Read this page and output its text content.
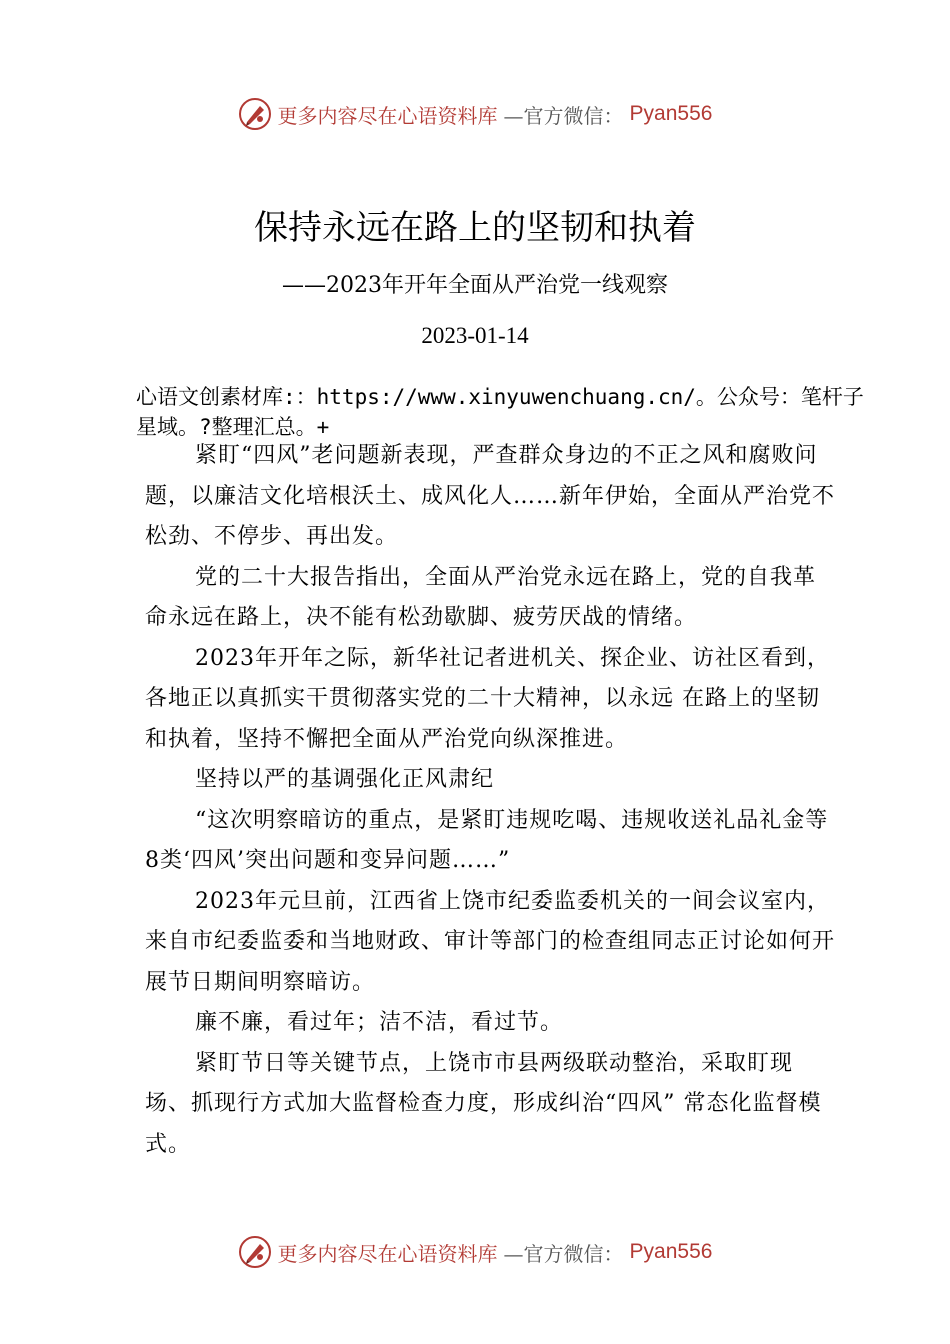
更多内容尽在心语资料库 —官方微信： Pyan556
保持永远在路上的坚韧和执着
——2023年开年全面从严治党一线观察
2023-01-14
心语文创素材库:：https://www.xinyuwenchuang.cn/。公众号：笔杆子星域。?整理汇总。+

紧盯“四风”老问题新表现，严查群众身边的不正之风和腐败问题，以廉洁文化培根沃土、成风化人……新年伊始，全面从严治党不松劲、不停步、再出发。

党的二十大报告指出，全面从严治党永远在路上，党的自我革命永远在路上，决不能有松劲歇脚、疲劳厌战的情绪。

2023年开年之际，新华社记者进机关、探企业、访社区看到，各地正以真抓实干贯彻落实党的二十大精神，以永远 在路上的坚韧和执着，坚持不懈把全面从严治党向纵深推进。

坚持以严的基调强化正风肃纪

“这次明察暗访的重点，是紧盯违规吃喝、违规收送礼品礼金等 8类‘四风’突出问题和变异问题……”

2023年元旦前，江西省上饶市纪委监委机关的一间会议室内，来自市纪委监委和当地财政、审计等部门的检查组同志正讨论如何开展节日期间明察暗访。

廉不廉，看过年；洁不洁，看过节。

紧盯节日等关键节点，上饶市市县两级联动整治，采取盯现场、抓现行方式加大监督检查力度，形成纠治“四风” 常态化监督模式。

更多内容尽在心语资料库 —官方微信： Pyan556
